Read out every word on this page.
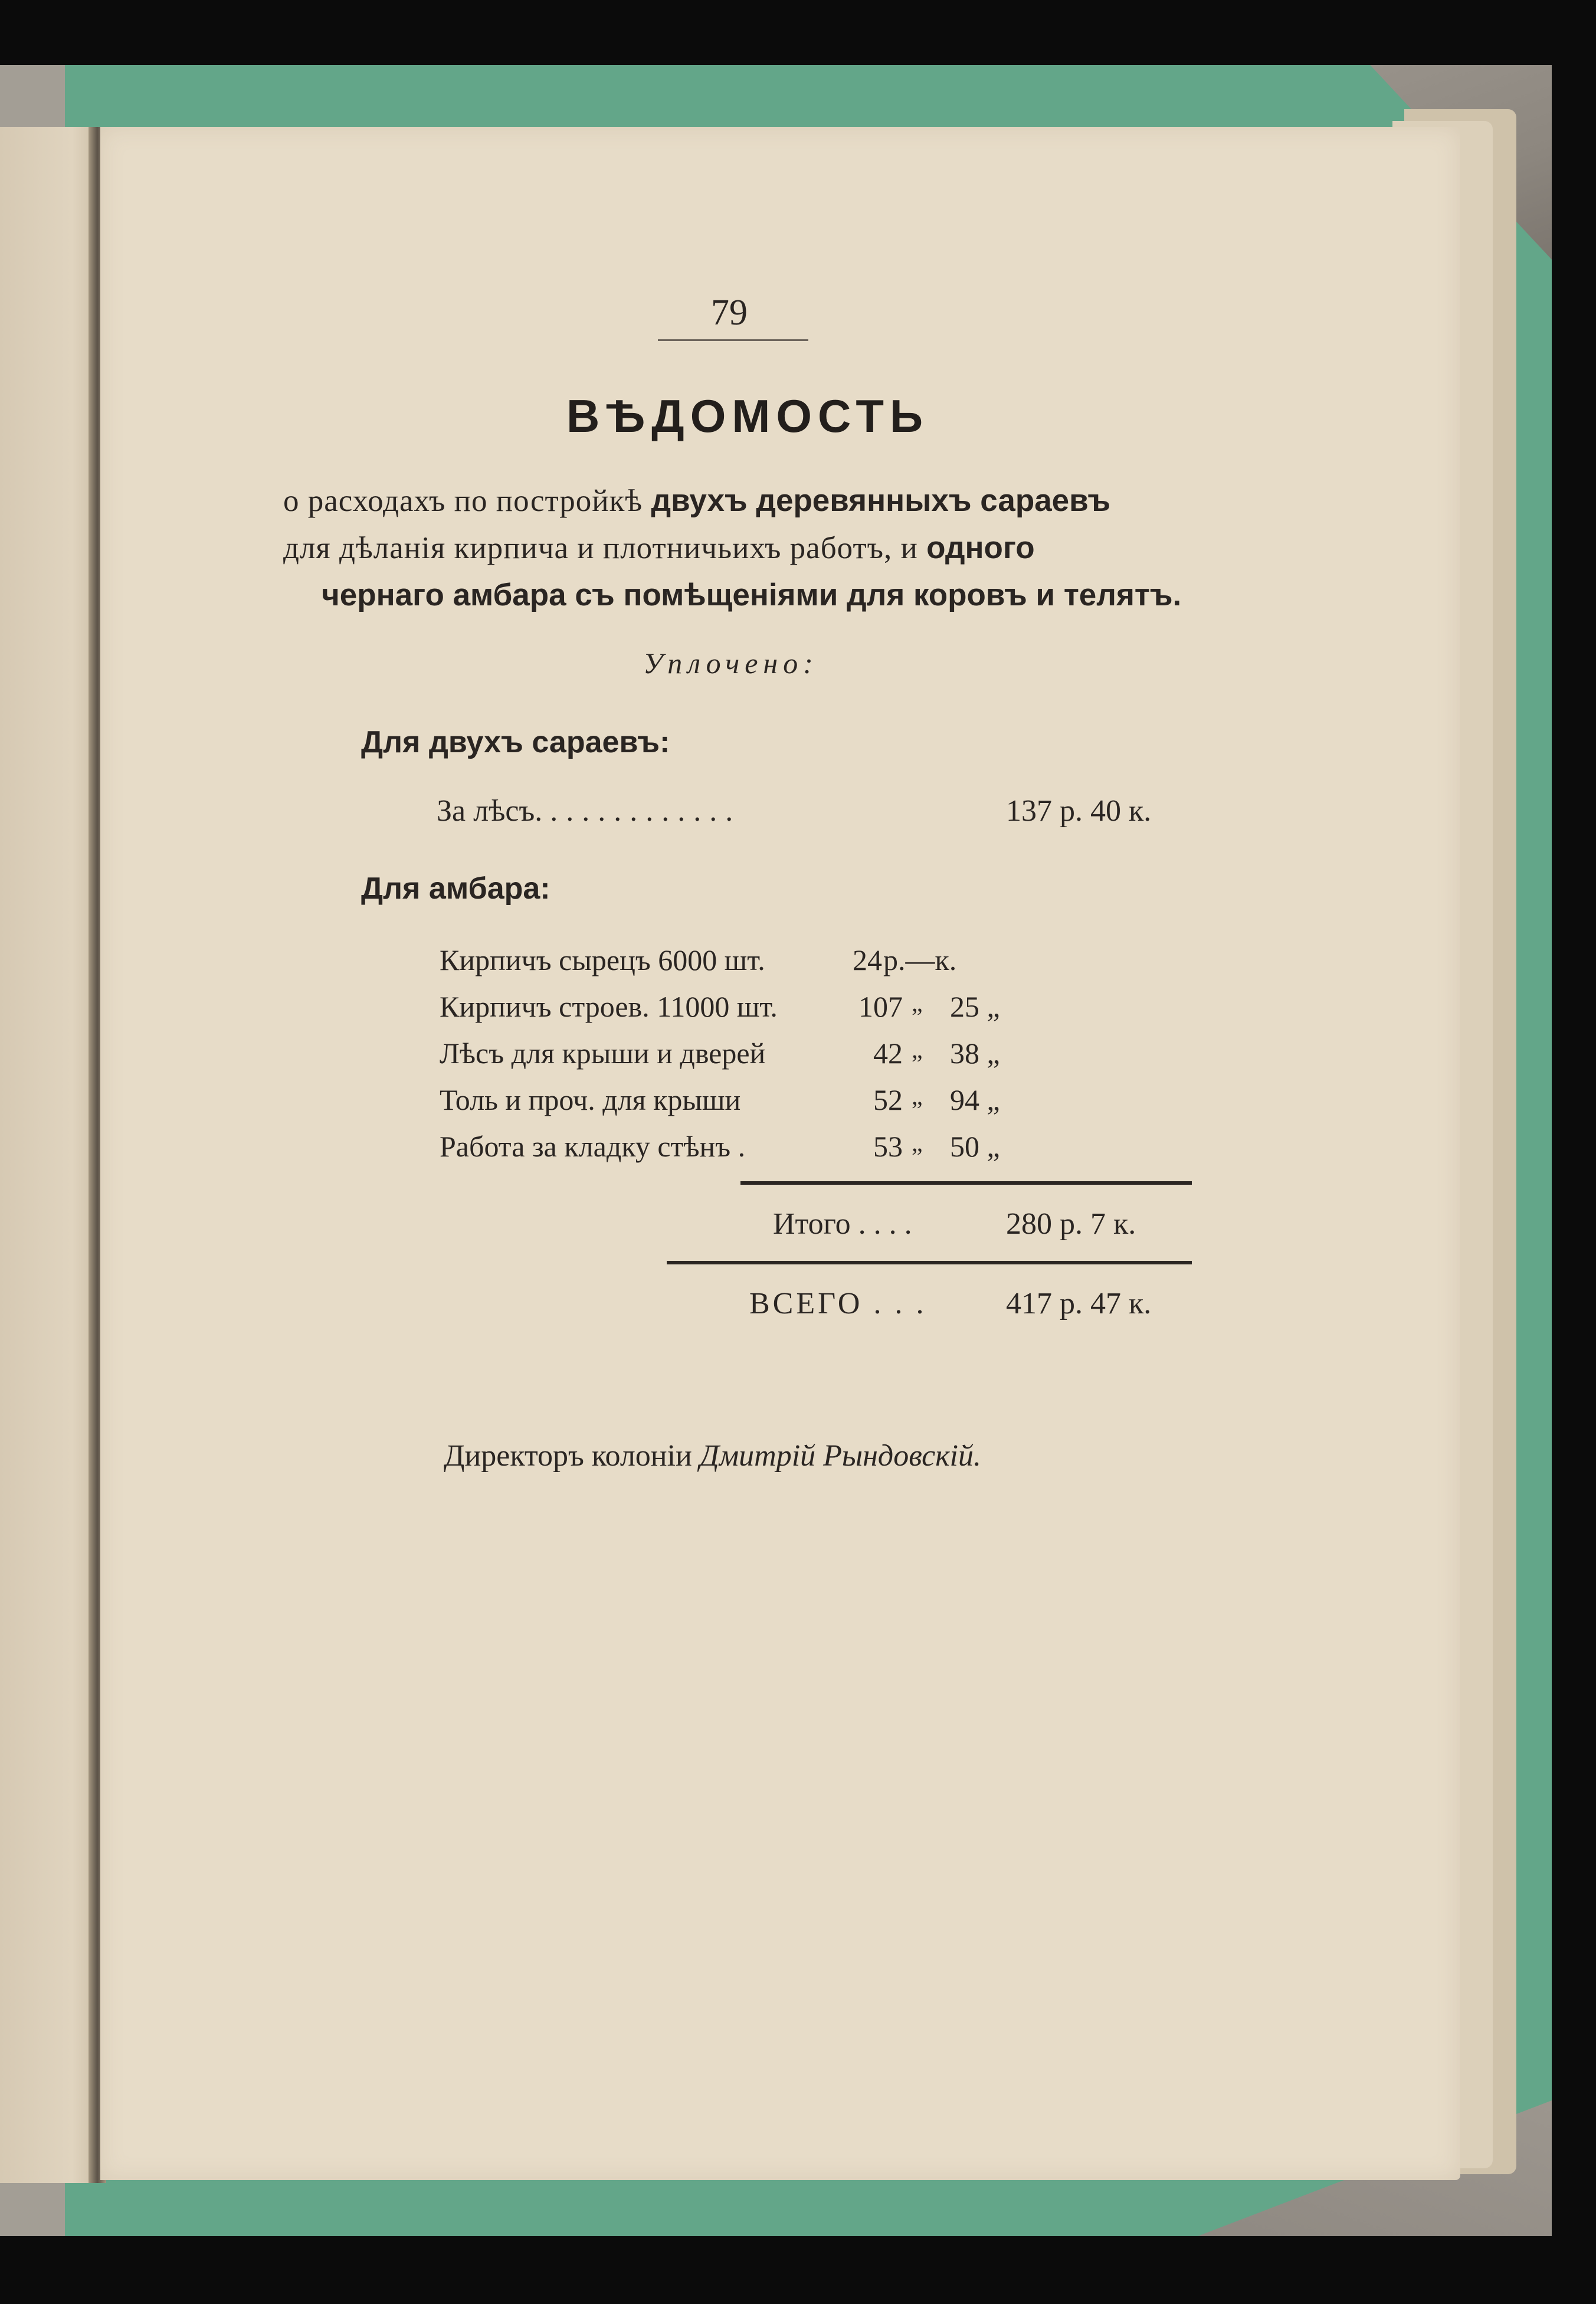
79
ВѢДОМОСТЬ
о расходахъ по постройкѣ двухъ деревянныхъ сараевъ
для дѣланія кирпича и плотничьихъ работъ, и одного
чернаго амбара съ помѣщеніями для коровъ и телятъ.
Уплочено:
Для двухъ сараевъ:
За лѣсъ. ............	137 р. 40 к.
Для амбара:
Кирпичъ сырецъ 6000 шт.	24 р.—к.
Кирпичъ строев. 11000 шт.	107 „ 25 „
Лѣсъ для крыши и дверей	42 „ 38 „
Толь и проч. для крыши	52 „ 94 „
Работа за кладку стѣнъ .	53 „ 50 „
Итого . . . .	280 р. 7 к.
ВСЕГО . . .	417 р. 47 к.
Директоръ колоніи Дмитрій Рындовскій.
